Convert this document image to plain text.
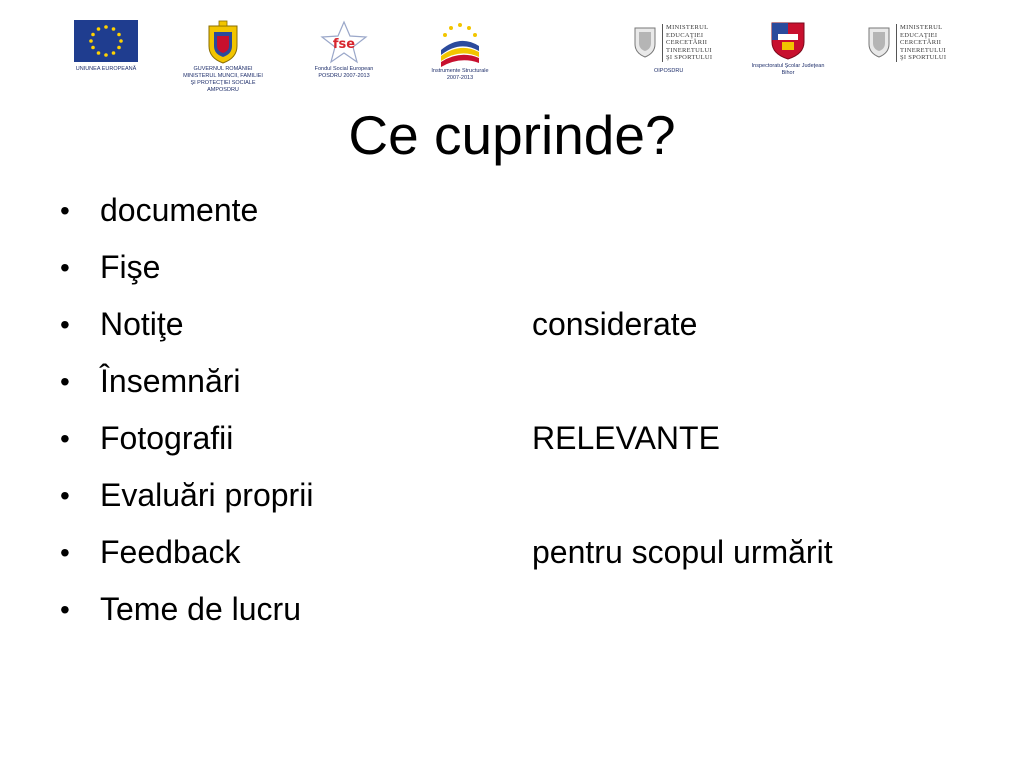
UNIUNEA EUROPEANĂ	GUVERNUL ROMÂNIEI
MINISTERUL MUNCII, FAMILIEI
ŞI PROTECŢIEI SOCIALE
AMPOSDRU
fse
Fondul Social European
POSDRU 2007-2013
Instrumente Structurale
2007-2013
MINISTERUL
EDUCAŢIEI
CERCETĂRII
TINERETULUI
ŞI SPORTULUI
OIPOSDRU
Inspectoratul Şcolar Judeţean
Bihor
MINISTERUL
EDUCAŢIEI
CERCETĂRII
TINERETULUI
ŞI SPORTULUI
Ce cuprinde?
• documente
• Fişe
• Notiţe
• Însemnări
• Fotografii
• Evaluări proprii
• Feedback
• Teme de lucru
considerate
RELEVANTE
pentru scopul urmărit
